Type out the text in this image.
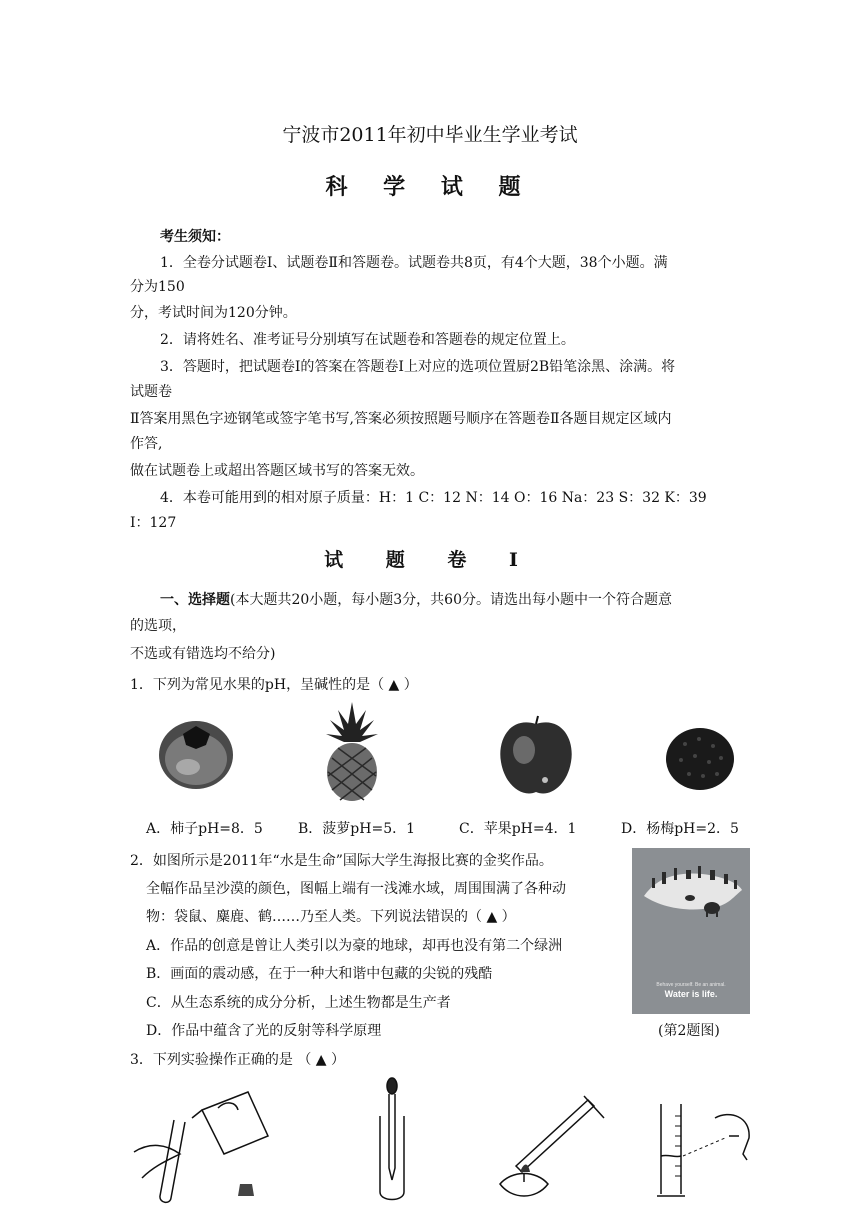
宁波市2011年初中毕业生学业考试
科 学 试 题
考生须知：
1．全卷分试题卷Ⅰ、试题卷Ⅱ和答题卷。试题卷共8页，有4个大题，38个小题。满
分为150
分，考试时间为120分钟。
2．请将姓名、准考证号分别填写在试题卷和答题卷的规定位置上。
3．答题时，把试题卷Ⅰ的答案在答题卷Ⅰ上对应的选项位置厨2B铅笔涂黑、涂满。将
试题卷
Ⅱ答案用黑色字迹钢笔或签字笔书写,答案必须按照题号顺序在答题卷Ⅱ各题目规定区域内
作答,
做在试题卷上或超出答题区域书写的答案无效。
4．本卷可能用到的相对原子质量：H：1 C：12 N：14 O：16 Na：23 S：32 K：39
I：127
试 题 卷 Ⅰ
一、选择题(本大题共20小题，每小题3分，共60分。请选出每小题中一个符合题意
的选项，
不选或有错选均不给分)
1．下列为常见水果的pH，呈碱性的是（ ▲ ）
A．柿子pH=8．5	B．菠萝pH=5．1	C．苹果pH=4．1	D．杨梅pH=2．5
2．如图所示是2011年“水是生命”国际大学生海报比赛的金奖作品。
全幅作品呈沙漠的颜色，图幅上端有一浅滩水域，周围围满了各种动
物：袋鼠、麋鹿、鹤……乃至人类。下列说法错误的（ ▲ ）
A．作品的创意是曾让人类引以为豪的地球，却再也没有第二个绿洲
B．画面的震动感，在于一种大和谐中包藏的尖锐的残酷
C．从生态系统的成分分析，上述生物都是生产者
D．作品中蕴含了光的反射等科学原理
Behave yourself. Be an animal.
Water is life.
(第2题图)
3．下列实验操作正确的是 （ ▲ ）
